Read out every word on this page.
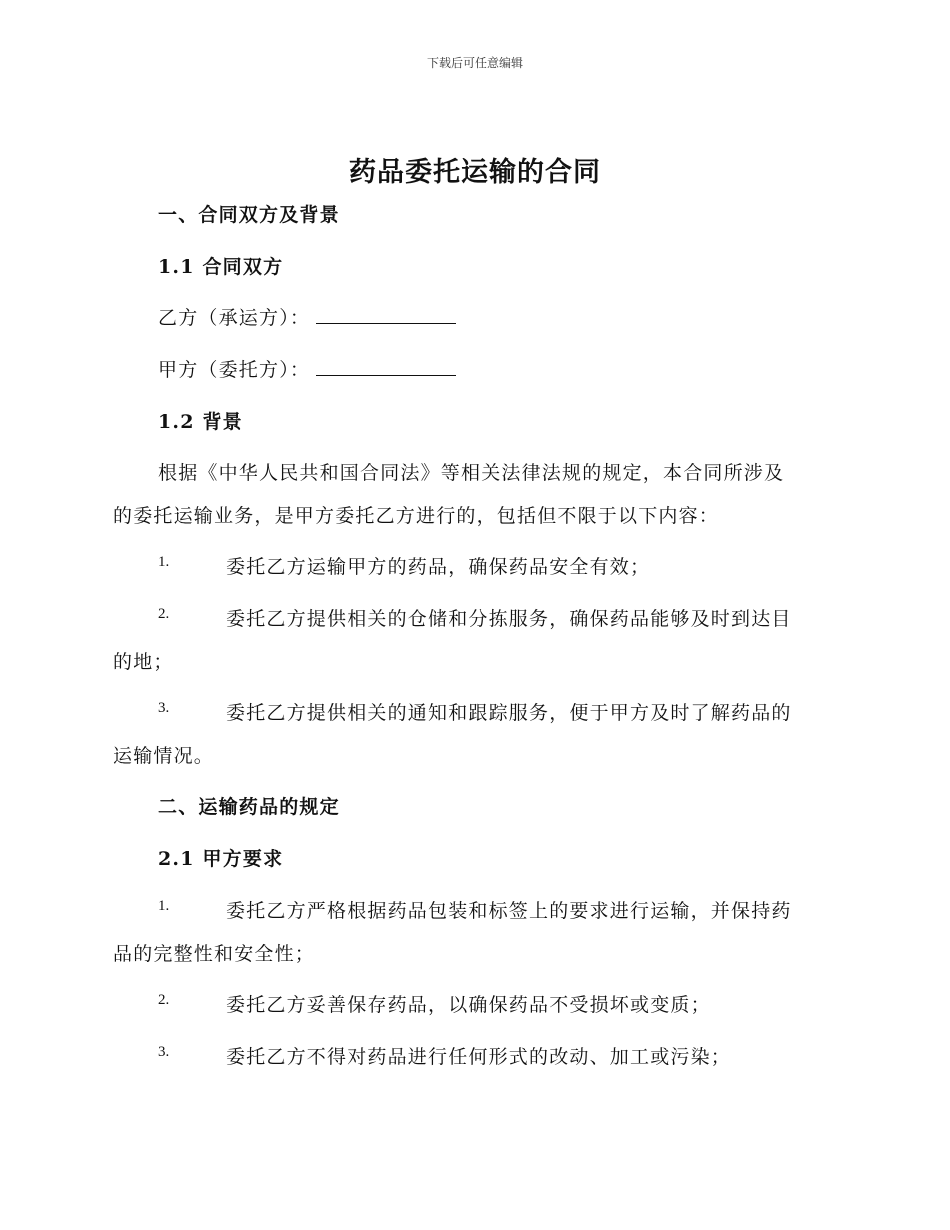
下载后可任意编辑
药品委托运输的合同
一、合同双方及背景
1.1 合同双方
乙方（承运方）：
甲方（委托方）：
1.2 背景
根据《中华人民共和国合同法》等相关法律法规的规定，本合同所涉及
的委托运输业务，是甲方委托乙方进行的，包括但不限于以下内容：
1.	委托乙方运输甲方的药品，确保药品安全有效；
2.	委托乙方提供相关的仓储和分拣服务，确保药品能够及时到达目
的地；
3.	委托乙方提供相关的通知和跟踪服务，便于甲方及时了解药品的
运输情况。
二、运输药品的规定
2.1 甲方要求
1.	委托乙方严格根据药品包装和标签上的要求进行运输，并保持药
品的完整性和安全性；
2.	委托乙方妥善保存药品，以确保药品不受损坏或变质；
3.	委托乙方不得对药品进行任何形式的改动、加工或污染；
